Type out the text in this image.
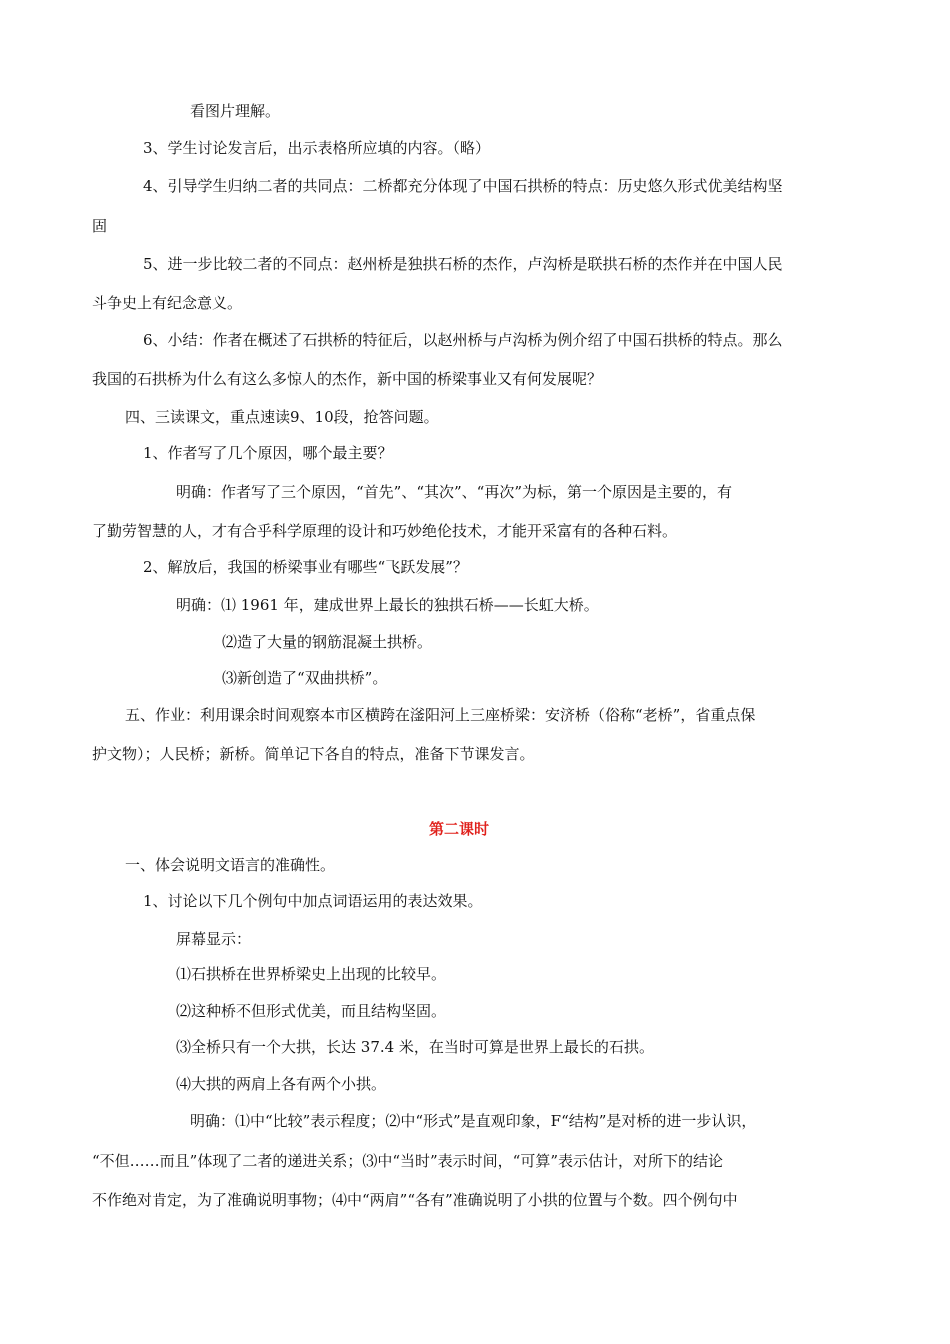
看图片理解。
3、学生讨论发言后，出示表格所应填的内容。（略）
4、引导学生归纳二者的共同点：二桥都充分体现了中国石拱桥的特点：历史悠久形式优美结构坚
固
5、进一步比较二者的不同点：赵州桥是独拱石桥的杰作，卢沟桥是联拱石桥的杰作并在中国人民
斗争史上有纪念意义。
6、小结：作者在概述了石拱桥的特征后，以赵州桥与卢沟桥为例介绍了中国石拱桥的特点。那么
我国的石拱桥为什么有这么多惊人的杰作，新中国的桥梁事业又有何发展呢？
四、三读课文，重点速读9、10段，抢答问题。
1、作者写了几个原因，哪个最主要？
明确：作者写了三个原因，“首先”、“其次”、“再次”为标，第一个原因是主要的，有
了勤劳智慧的人，才有合乎科学原理的设计和巧妙绝伦技术，才能开采富有的各种石料。
2、解放后，我国的桥梁事业有哪些“飞跃发展”？
明确：⑴ 1961 年，建成世界上最长的独拱石桥——长虹大桥。
⑵造了大量的钢筋混凝土拱桥。
⑶新创造了“双曲拱桥”。
五、作业：利用课余时间观察本市区横跨在滏阳河上三座桥梁：安济桥（俗称“老桥”，省重点保
护文物）；人民桥；新桥。简单记下各自的特点，准备下节课发言。
第二课时
一、体会说明文语言的准确性。
1、讨论以下几个例句中加点词语运用的表达效果。
屏幕显示：
⑴石拱桥在世界桥梁史上出现的比较早。
⑵这种桥不但形式优美，而且结构坚固。
⑶全桥只有一个大拱，长达 37.4 米，在当时可算是世界上最长的石拱。
⑷大拱的两肩上各有两个小拱。
明确：⑴中“比较”表示程度；⑵中“形式”是直观印象，F“结构”是对桥的进一步认识，
“不但……而且”体现了二者的递进关系；⑶中“当时”表示时间，“可算”表示估计，对所下的结论
不作绝对肯定，为了准确说明事物；⑷中“两肩”“各有”准确说明了小拱的位置与个数。四个例句中
